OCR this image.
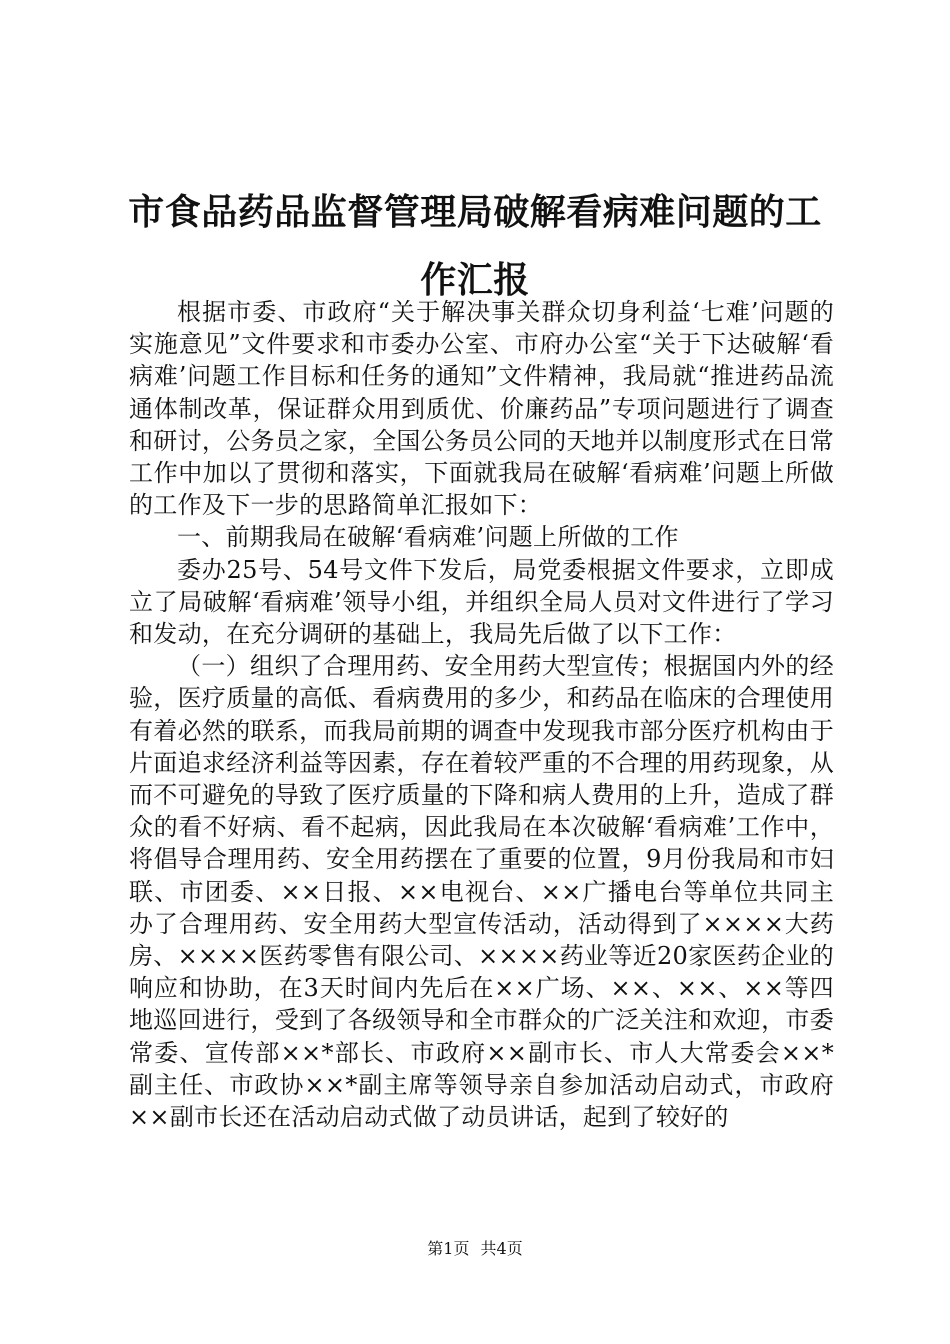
市食品药品监督管理局破解看病难问题的工作汇报

根据市委、市政府“关于解决事关群众切身利益‘七难’问题的实施意见”文件要求和市委办公室、市府办公室“关于下达破解‘看病难’问题工作目标和任务的通知”文件精神，我局就“推进药品流通体制改革，保证群众用到质优、价廉药品”专项问题进行了调查和研讨，公务员之家，全国公务员公同的天地并以制度形式在日常工作中加以了贯彻和落实，下面就我局在破解‘看病难’问题上所做的工作及下一步的思路简单汇报如下：

一、前期我局在破解‘看病难’问题上所做的工作

委办25号、54号文件下发后，局党委根据文件要求，立即成立了局破解‘看病难’领导小组，并组织全局人员对文件进行了学习和发动，在充分调研的基础上，我局先后做了以下工作：

（一）组织了合理用药、安全用药大型宣传；根据国内外的经验，医疗质量的高低、看病费用的多少，和药品在临床的合理使用有着必然的联系，而我局前期的调查中发现我市部分医疗机构由于片面追求经济利益等因素，存在着较严重的不合理的用药现象，从而不可避免的导致了医疗质量的下降和病人费用的上升，造成了群众的看不好病、看不起病，因此我局在本次破解‘看病难’工作中，将倡导合理用药、安全用药摆在了重要的位置，9月份我局和市妇联、市团委、××日报、××电视台、××广播电台等单位共同主办了合理用药、安全用药大型宣传活动，活动得到了××××大药房、××××医药零售有限公司、××××药业等近20家医药企业的响应和协助，在3天时间内先后在××广场、××、××、××等四地巡回进行，受到了各级领导和全市群众的广泛关注和欢迎，市委常委、宣传部××*部长、市政府××副市长、市人大常委会××*副主任、市政协××*副主席等领导亲自参加活动启动式，市政府××副市长还在活动启动式做了动员讲话，起到了较好的

第1页 共4页
